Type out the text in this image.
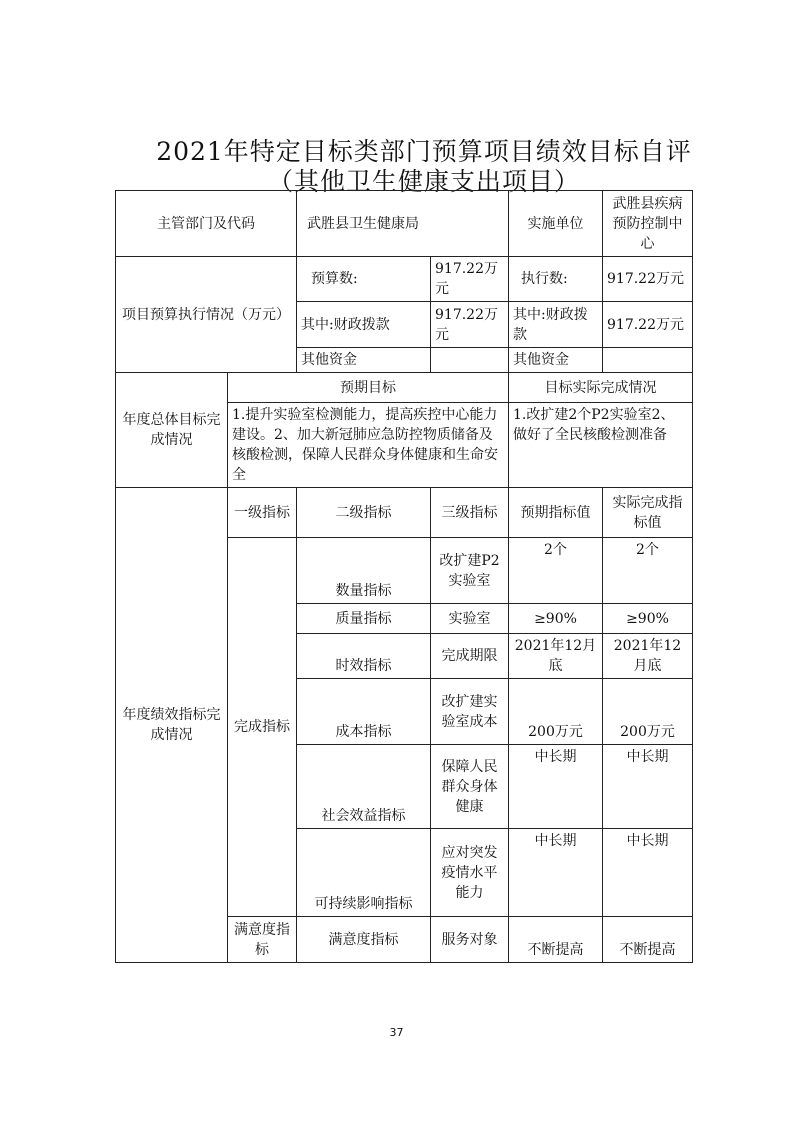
2021年特定目标类部门预算项目绩效目标自评
（其他卫生健康支出项目）
主管部门及代码		武胜县卫生健康局		实施单位	武胜县疾病预防控制中心
项目预算执行情况（万元）		预算数:	917.22万元	执行数:	917.22万元
		其中:财政拨款	917.22万元	其中:财政拨款	917.22万元
		其他资金		其他资金	
年度总体目标完成情况	预期目标			目标实际完成情况	
	1.提升实验室检测能力，提高疾控中心能力建设。2、加大新冠肺应急防控物质储备及核酸检测，保障人民群众身体健康和生命安全			1.改扩建2个P2实验室2、做好了全民核酸检测准备	
年度绩效指标完成情况	一级指标	二级指标	三级指标	预期指标值	实际完成指标值
	完成指标	数量指标	改扩建P2实验室	2个	2个
		质量指标	实验室	≥90%	≥90%
		时效指标	完成期限	2021年12月底	2021年12月底
		成本指标	改扩建实验室成本	200万元	200万元
		社会效益指标	保障人民群众身体健康	中长期	中长期
		可持续影响指标	应对突发疫情水平能力	中长期	中长期
	满意度指标	满意度指标	服务对象	不断提高	不断提高
37
